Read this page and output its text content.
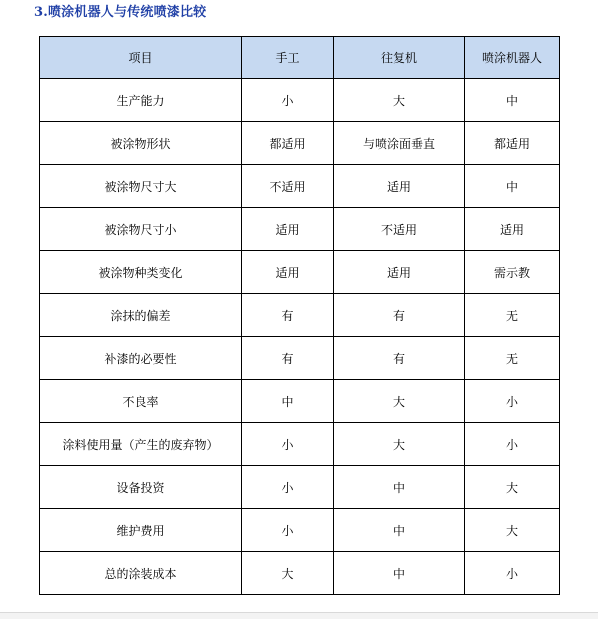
3.喷涂机器人与传统喷漆比较
项目	手工	往复机	喷涂机器人
生产能力	小	大	中
被涂物形状	都适用	与喷涂面垂直	都适用
被涂物尺寸大	不适用	适用	中
被涂物尺寸小	适用	不适用	适用
被涂物种类变化	适用	适用	需示教
涂抹的偏差	有	有	无
补漆的必要性	有	有	无
不良率	中	大	小
涂料使用量（产生的废弃物）	小	大	小
设备投资	小	中	大
维护费用	小	中	大
总的涂装成本	大	中	小
